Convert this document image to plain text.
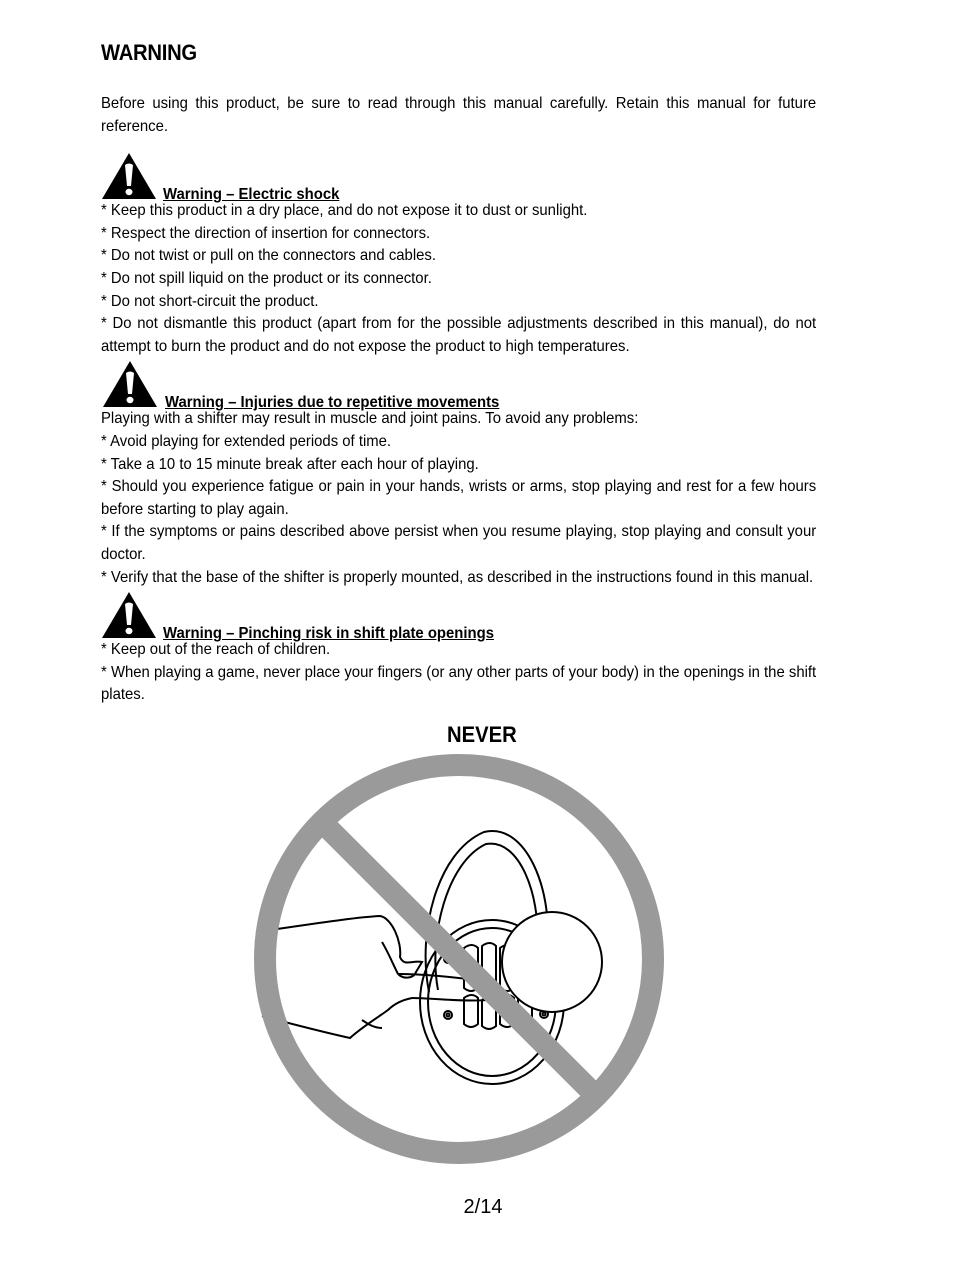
WARNING

Before using this product, be sure to read through this manual carefully. Retain this manual for future reference.

Warning – Electric shock

* Keep this product in a dry place, and do not expose it to dust or sunlight.

* Respect the direction of insertion for connectors.

* Do not twist or pull on the connectors and cables.

* Do not spill liquid on the product or its connector.

* Do not short-circuit the product.

* Do not dismantle this product (apart from for the possible adjustments described in this manual), do not attempt to burn the product and do not expose the product to high temperatures.

Warning – Injuries due to repetitive movements

Playing with a shifter may result in muscle and joint pains. To avoid any problems:

* Avoid playing for extended periods of time.

* Take a 10 to 15 minute break after each hour of playing.

* Should you experience fatigue or pain in your hands, wrists or arms, stop playing and rest for a few hours before starting to play again.

* If the symptoms or pains described above persist when you resume playing, stop playing and consult your doctor.

* Verify that the base of the shifter is properly mounted, as described in the instructions found in this manual.

Warning – Pinching risk in shift plate openings

* Keep out of the reach of children.

* When playing a game, never place your fingers (or any other parts of your body) in the openings in the shift plates.

NEVER
2/14
